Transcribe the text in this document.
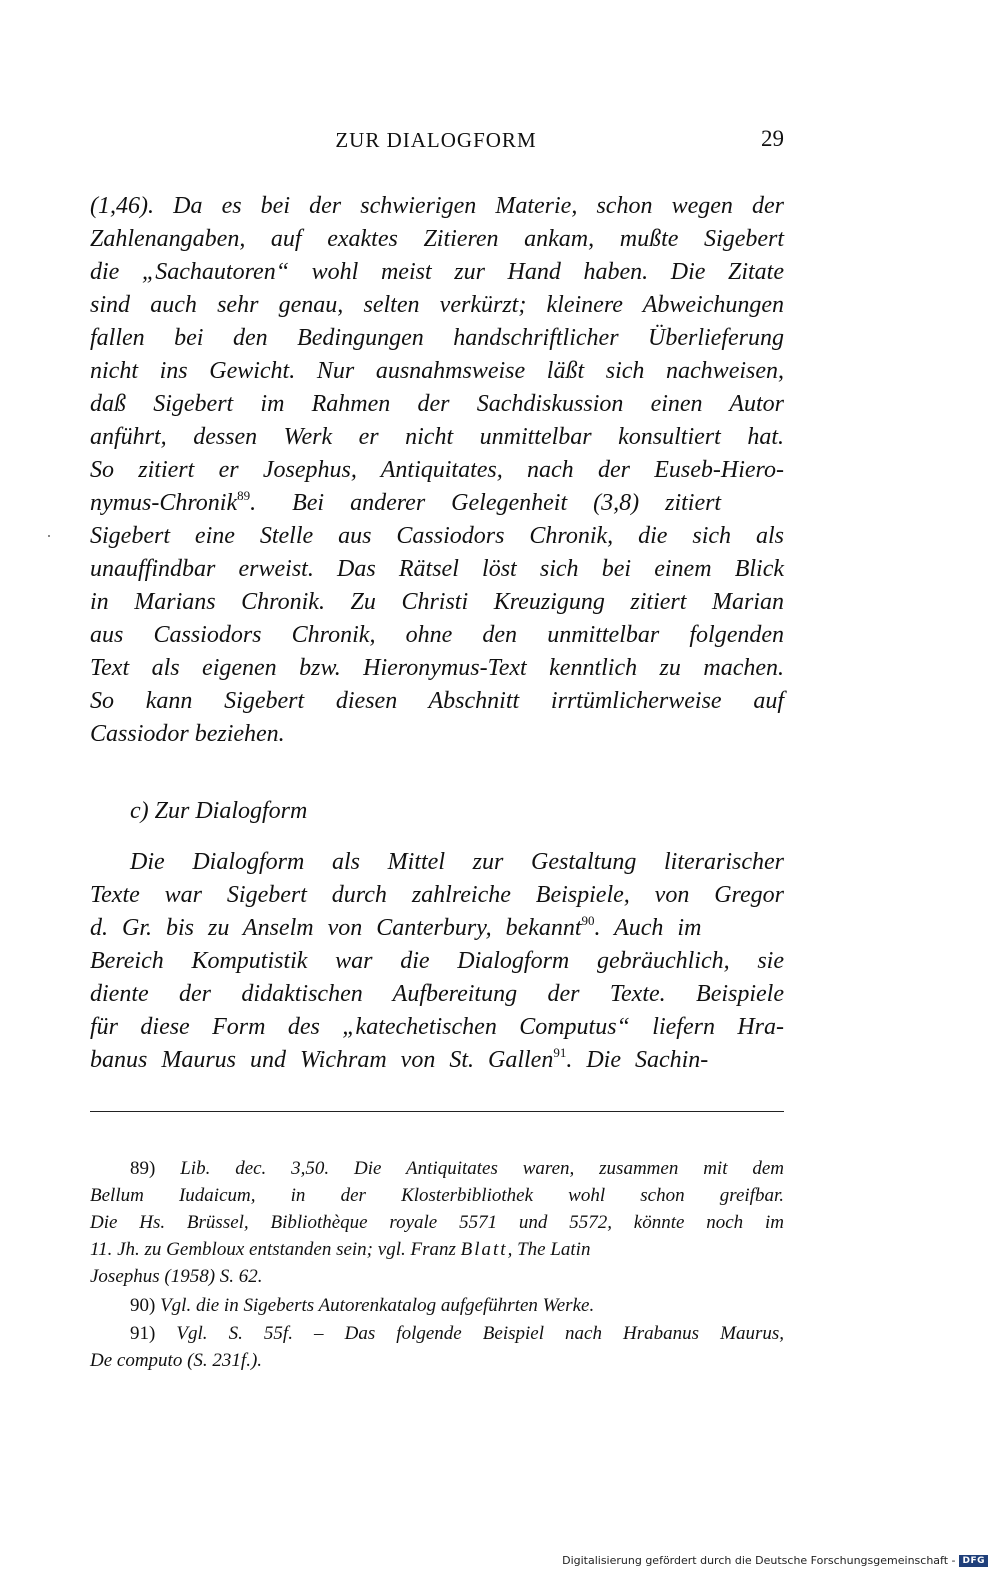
ZUR DIALOGFORM	29
(1,46). Da es bei der schwierigen Materie, schon wegen der
Zahlenangaben, auf exaktes Zitieren ankam, mußte Sigebert
die „Sachautoren“ wohl meist zur Hand haben. Die Zitate
sind auch sehr genau, selten verkürzt; kleinere Abweichungen
fallen bei den Bedingungen handschriftlicher Überlieferung
nicht ins Gewicht. Nur ausnahmsweise läßt sich nachweisen,
daß Sigebert im Rahmen der Sachdiskussion einen Autor
anführt, dessen Werk er nicht unmittelbar konsultiert hat.
So zitiert er Josephus, Antiquitates, nach der Euseb-Hiero-
nymus-Chronik$^{89}$. Bei anderer Gelegenheit (3,8) zitiert
Sigebert eine Stelle aus Cassiodors Chronik, die sich als
unauffindbar erweist. Das Rätsel löst sich bei einem Blick
in Marians Chronik. Zu Christi Kreuzigung zitiert Marian
aus Cassiodors Chronik, ohne den unmittelbar folgenden
Text als eigenen bzw. Hieronymus-Text kenntlich zu machen.
So kann Sigebert diesen Abschnitt irrtümlicherweise auf
Cassiodor beziehen.
c) Zur Dialogform
Die Dialogform als Mittel zur Gestaltung literarischer
Texte war Sigebert durch zahlreiche Beispiele, von Gregor
d. Gr. bis zu Anselm von Canterbury, bekannt$^{90}$. Auch im
Bereich Komputistik war die Dialogform gebräuchlich, sie
diente der didaktischen Aufbereitung der Texte. Beispiele
für diese Form des „katechetischen Computus“ liefern Hra-
banus Maurus und Wichram von St. Gallen$^{91}$. Die Sachin-
89) Lib. dec. 3,50. Die Antiquitates waren, zusammen mit dem
Bellum Iudaicum, in der Klosterbibliothek wohl schon greifbar.
Die Hs. Brüssel, Bibliothèque royale 5571 und 5572, könnte noch im
11. Jh. zu Gembloux entstanden sein; vgl. Franz Blatt, The Latin
Josephus (1958) S. 62.
90) Vgl. die in Sigeberts Autorenkatalog aufgeführten Werke.
91) Vgl. S. 55f. – Das folgende Beispiel nach Hrabanus Maurus,
De computo (S. 231f.).
Digitalisierung gefördert durch die Deutsche Forschungsgemeinschaft - DFG
